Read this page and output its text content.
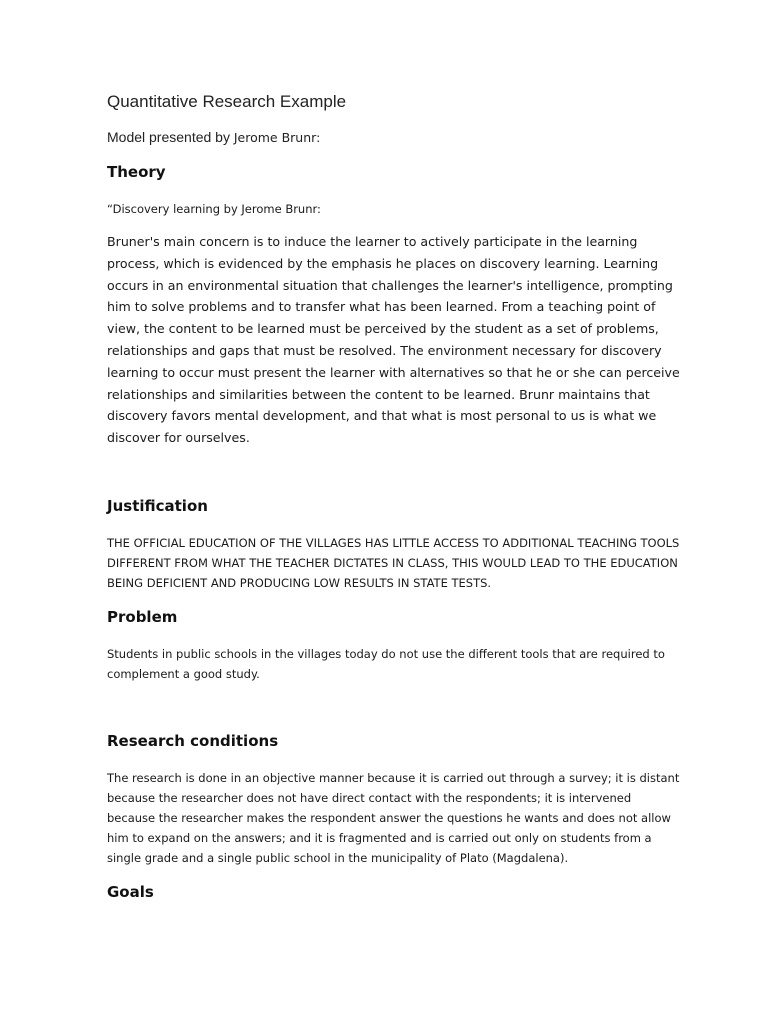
Quantitative Research Example
Model presented by Jerome Brunr:
Theory
“Discovery learning by Jerome Brunr:
Bruner's main concern is to induce the learner to actively participate in the learning
process, which is evidenced by the emphasis he places on discovery learning. Learning
occurs in an environmental situation that challenges the learner's intelligence, prompting
him to solve problems and to transfer what has been learned. From a teaching point of
view, the content to be learned must be perceived by the student as a set of problems,
relationships and gaps that must be resolved. The environment necessary for discovery
learning to occur must present the learner with alternatives so that he or she can perceive
relationships and similarities between the content to be learned. Brunr maintains that
discovery favors mental development, and that what is most personal to us is what we
discover for ourselves.
Justification
THE OFFICIAL EDUCATION OF THE VILLAGES HAS LITTLE ACCESS TO ADDITIONAL TEACHING TOOLS
DIFFERENT FROM WHAT THE TEACHER DICTATES IN CLASS, THIS WOULD LEAD TO THE EDUCATION
BEING DEFICIENT AND PRODUCING LOW RESULTS IN STATE TESTS.
Problem
Students in public schools in the villages today do not use the different tools that are required to
complement a good study.
Research conditions
The research is done in an objective manner because it is carried out through a survey; it is distant
because the researcher does not have direct contact with the respondents; it is intervened
because the researcher makes the respondent answer the questions he wants and does not allow
him to expand on the answers; and it is fragmented and is carried out only on students from a
single grade and a single public school in the municipality of Plato (Magdalena).
Goals
